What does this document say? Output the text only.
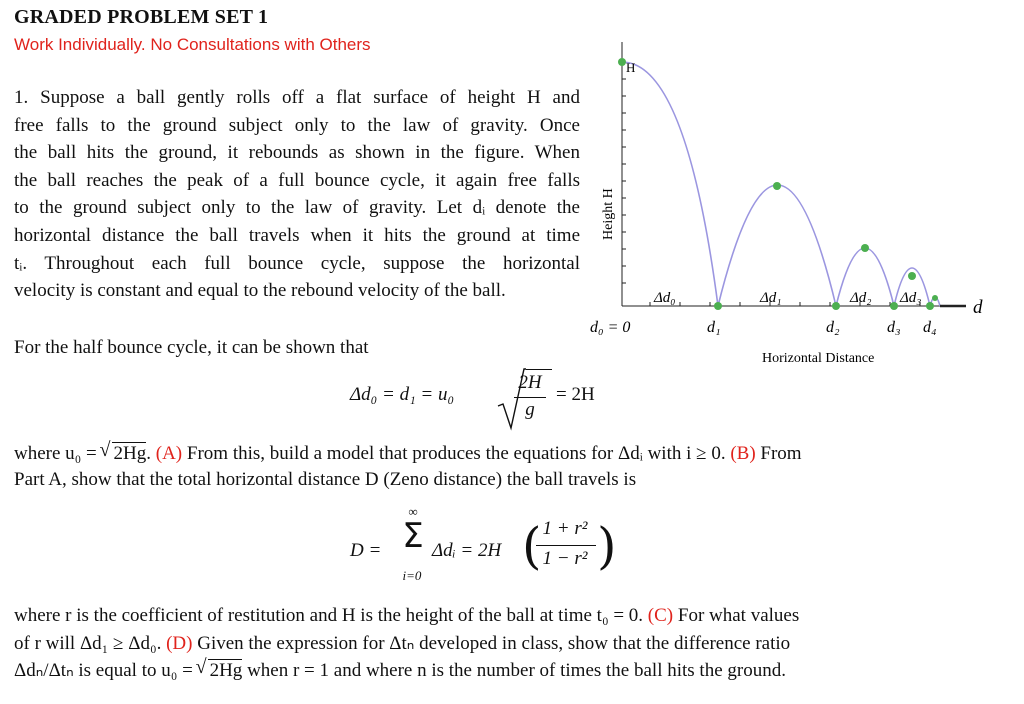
GRADED PROBLEM SET 1
Work Individually. No Consultations with Others
1. Suppose a ball gently rolls off a flat surface of height H and
free falls to the ground subject only to the law of gravity. Once
the ball hits the ground, it rebounds as shown in the figure. When
the ball reaches the peak of a full bounce cycle, it again free falls
to the ground subject only to the law of gravity. Let dᵢ denote the
horizontal distance the ball travels when it hits the ground at time
tᵢ. Throughout each full bounce cycle, suppose the horizontal
velocity is constant and equal to the rebound velocity of the ball.
H
Height H
Δd₀	Δd₁	Δd₂ Δd₃	d
d₀ = 0	d₁	d₂	d₃ d₄
Horizontal Distance
For the half bounce cycle, it can be shown that
Δd₀ = d₁ = u₀
2H
g
= 2H
where u₀ =
√ 2Hg. (A) From this, build a model that produces the equations for Δdᵢ with i ≥ 0. (B) From
Part A, show that the total horizontal distance D (Zeno distance) the ball travels is
D =
∞
Σ
i=0
Δdᵢ = 2H ( 1 + r²
1 − r² )
where r is the coefficient of restitution and H is the height of the ball at time t₀ = 0. (C) For what values
of r will Δd₁ ≥ Δd₀. (D) Given the expression for Δtₙ developed in class, show that the difference ratio
Δdₙ/Δtₙ is equal to u₀ =
√ 2Hg when r = 1 and where n is the number of times the ball hits the ground.
